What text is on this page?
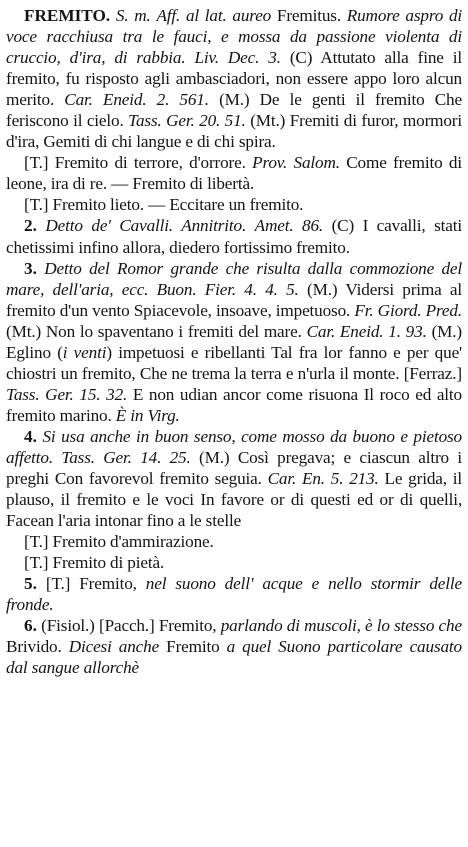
FREMITO. S. m. Aff. al lat. aureo Fremitus. Rumore aspro di voce racchiusa tra le fauci, e mossa da passione violenta di cruccio, d'ira, di rabbia. Liv. Dec. 3. (C) Attutato alla fine il fremito, fu risposto agli ambasciadori, non essere appo loro alcun merito. Car. Eneid. 2. 561. (M.) De le genti il fremito Che feriscono il cielo. Tass. Ger. 20. 51. (Mt.) Fremiti di furor, mormori d'ira, Gemiti di chi langue e di chi spira.

[T.] Fremito di terrore, d'orrore. Prov. Salom. Come fremito di leone, ira di re. — Fremito di libertà.

[T.] Fremito lieto. — Eccitare un fremito.

2. Detto de' Cavalli. Annitrito. Amet. 86. (C) I cavalli, stati chetissimi infino allora, diedero fortissimo fremito.

3. Detto del Romor grande che risulta dalla commozione del mare, dell'aria, ecc. Buon. Fier. 4. 4. 5. (M.) Vidersi prima al fremito d'un vento Spiacevole, insoave, impetuoso. Fr. Giord. Pred. (Mt.) Non lo spaventano i fremiti del mare. Car. Eneid. 1. 93. (M.) Eglino (i venti) impetuosi e ribellanti Tal fra lor fanno e per que' chiostri un fremito, Che ne trema la terra e n'urla il monte. [Ferraz.] Tass. Ger. 15. 32. E non udian ancor come risuona Il roco ed alto fremito marino. È in Virg.

4. Si usa anche in buon senso, come mosso da buono e pietoso affetto. Tass. Ger. 14. 25. (M.) Così pregava; e ciascun altro i preghi Con favorevol fremito seguia. Car. En. 5. 213. Le grida, il plauso, il fremito e le voci In favore or di questi ed or di quelli, Facean l'aria intonar fino a le stelle

[T.] Fremito d'ammirazione.

[T.] Fremito di pietà.

5. [T.] Fremito, nel suono dell' acque e nello stormir delle fronde.

6. (Fisiol.) [Pacch.] Fremito, parlando di muscoli, è lo stesso che Brivido. Dicesi anche Fremito a quel Suono particolare causato dal sangue allorchè
